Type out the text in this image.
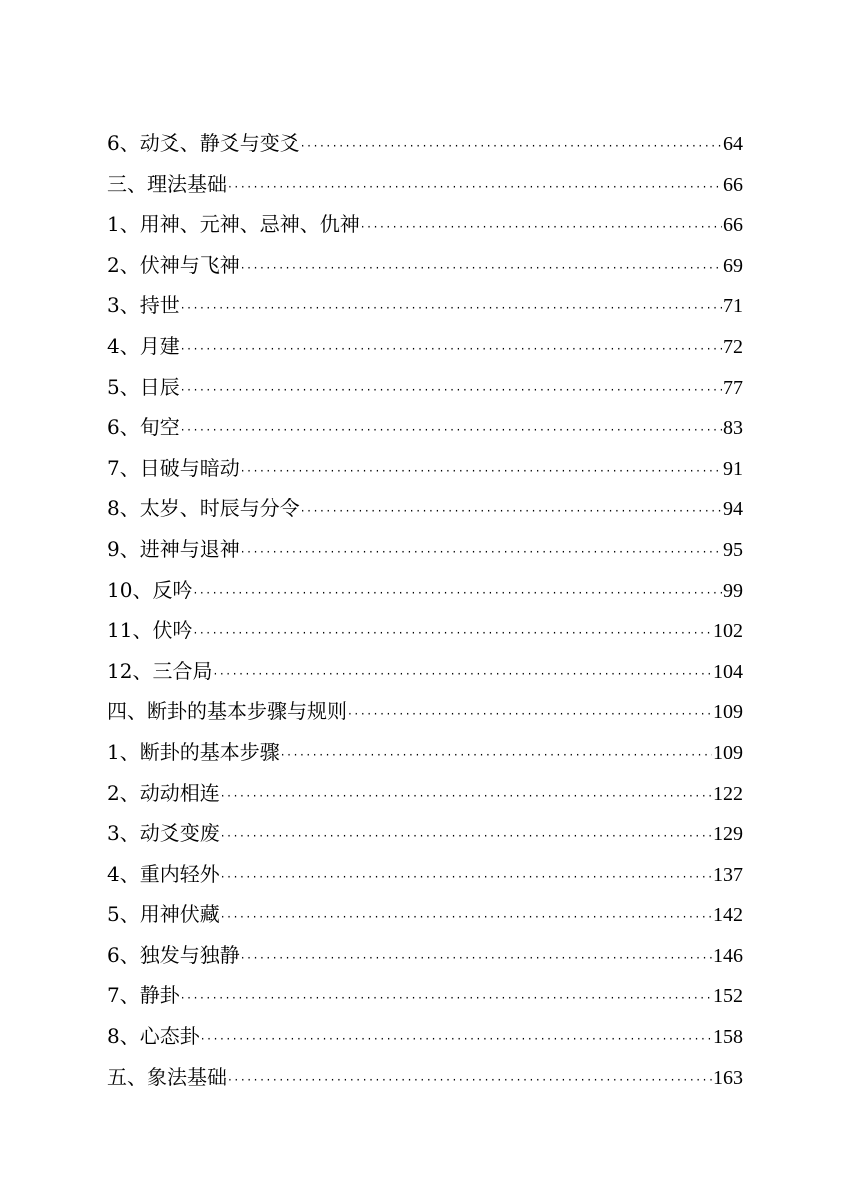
6、动爻、静爻与变爻 ·····	64
三、理法基础 ·····	66
1、用神、元神、忌神、仇神 ·····	66
2、伏神与飞神 ·····	69
3、持世 ·····	71
4、月建 ·····	72
5、日辰 ·····	77
6、旬空 ·····	83
7、日破与暗动 ·····	91
8、太岁、时辰与分令 ·····	94
9、进神与退神 ·····	95
10、反吟 ·····	99
11、伏吟 ·····	102
12、三合局 ·····	104
四、断卦的基本步骤与规则 ·····	109
1、断卦的基本步骤 ·····	109
2、动动相连 ·····	122
3、动爻变废 ·····	129
4、重内轻外 ·····	137
5、用神伏藏 ·····	142
6、独发与独静 ·····	146
7、静卦 ·····	152
8、心态卦 ·····	158
五、象法基础 ·····	163
